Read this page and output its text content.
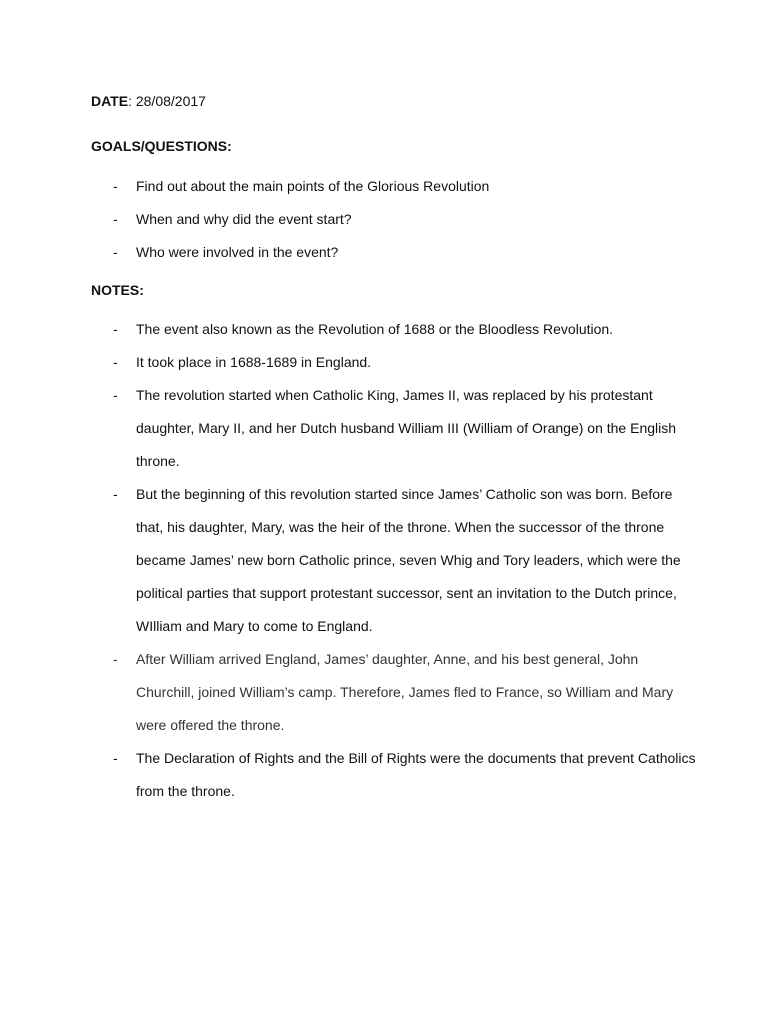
DATE: 28/08/2017
GOALS/QUESTIONS:
- Find out about the main points of the Glorious Revolution
- When and why did the event start?
- Who were involved in the event?
NOTES:
- The event also known as the Revolution of 1688 or the Bloodless Revolution.
- It took place in 1688-1689 in England.
- The revolution started when Catholic King, James II, was replaced by his protestant daughter, Mary II, and her Dutch husband William III (William of Orange) on the English throne.
- But the beginning of this revolution started since James’ Catholic son was born. Before that, his daughter, Mary, was the heir of the throne. When the successor of the throne became James’ new born Catholic prince, seven Whig and Tory leaders, which were the political parties that support protestant successor, sent an invitation to the Dutch prince, WIlliam and Mary to come to England.
- After William arrived England, James’ daughter, Anne, and his best general, John Churchill, joined William’s camp. Therefore, James fled to France, so William and Mary were offered the throne.
- The Declaration of Rights and the Bill of Rights were the documents that prevent Catholics from the throne.
